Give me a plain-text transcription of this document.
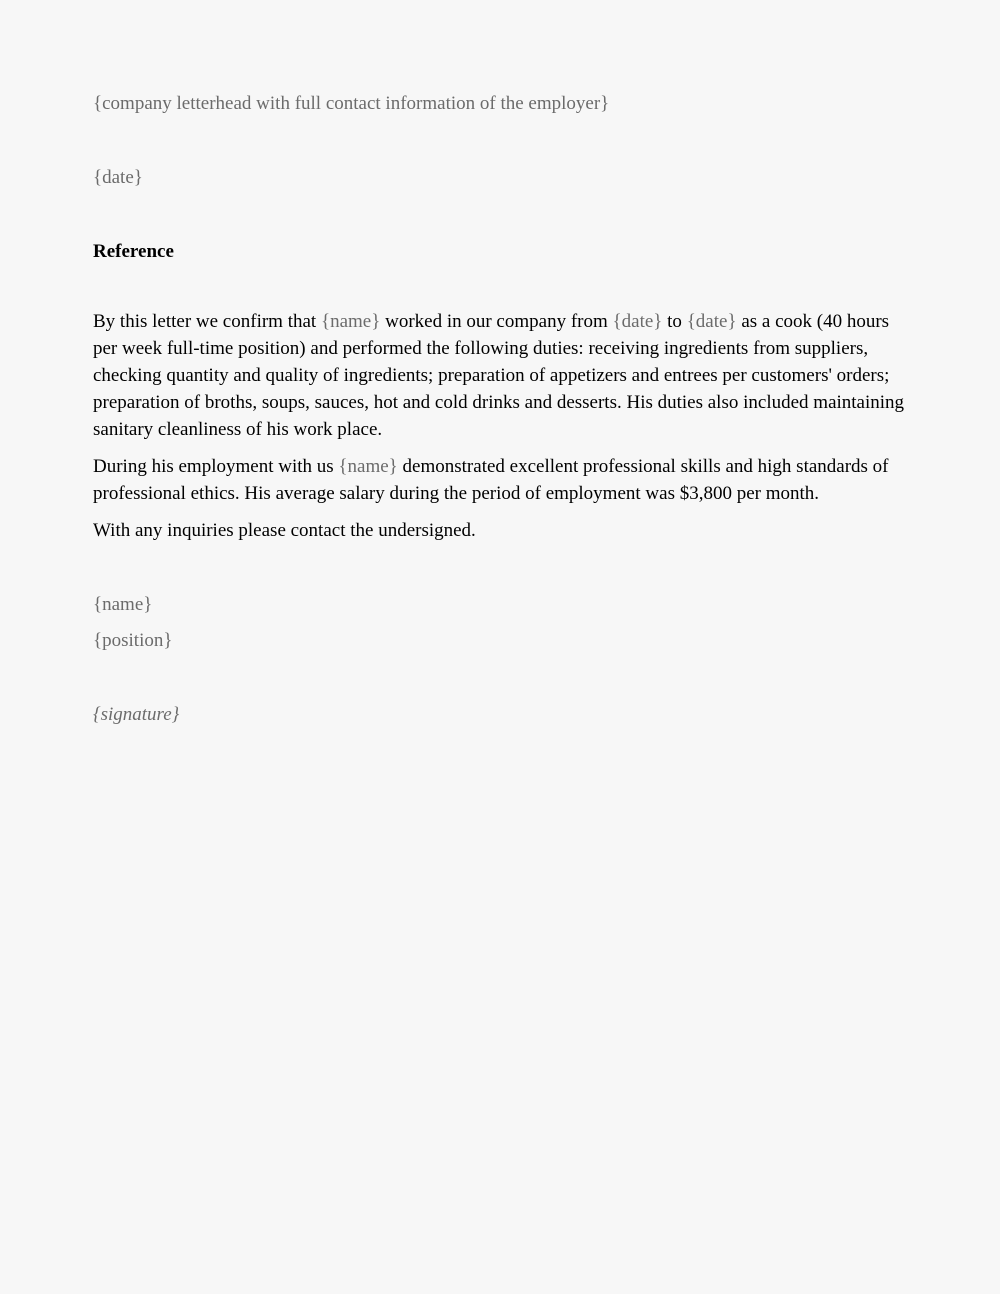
{company letterhead with full contact information of the employer}
{date}
Reference

By this letter we confirm that {name} worked in our company from {date} to {date} as a cook (40 hours per week full-time position) and performed the following duties: receiving ingredients from suppliers, checking quantity and quality of ingredients; preparation of appetizers and entrees per customers' orders; preparation of broths, soups, sauces, hot and cold drinks and desserts. His duties also included maintaining sanitary cleanliness of his work place.

During his employment with us {name} demonstrated excellent professional skills and high standards of professional ethics. His average salary during the period of employment was $3,800 per month.

With any inquiries please contact the undersigned.
{name}
{position}
{signature}
